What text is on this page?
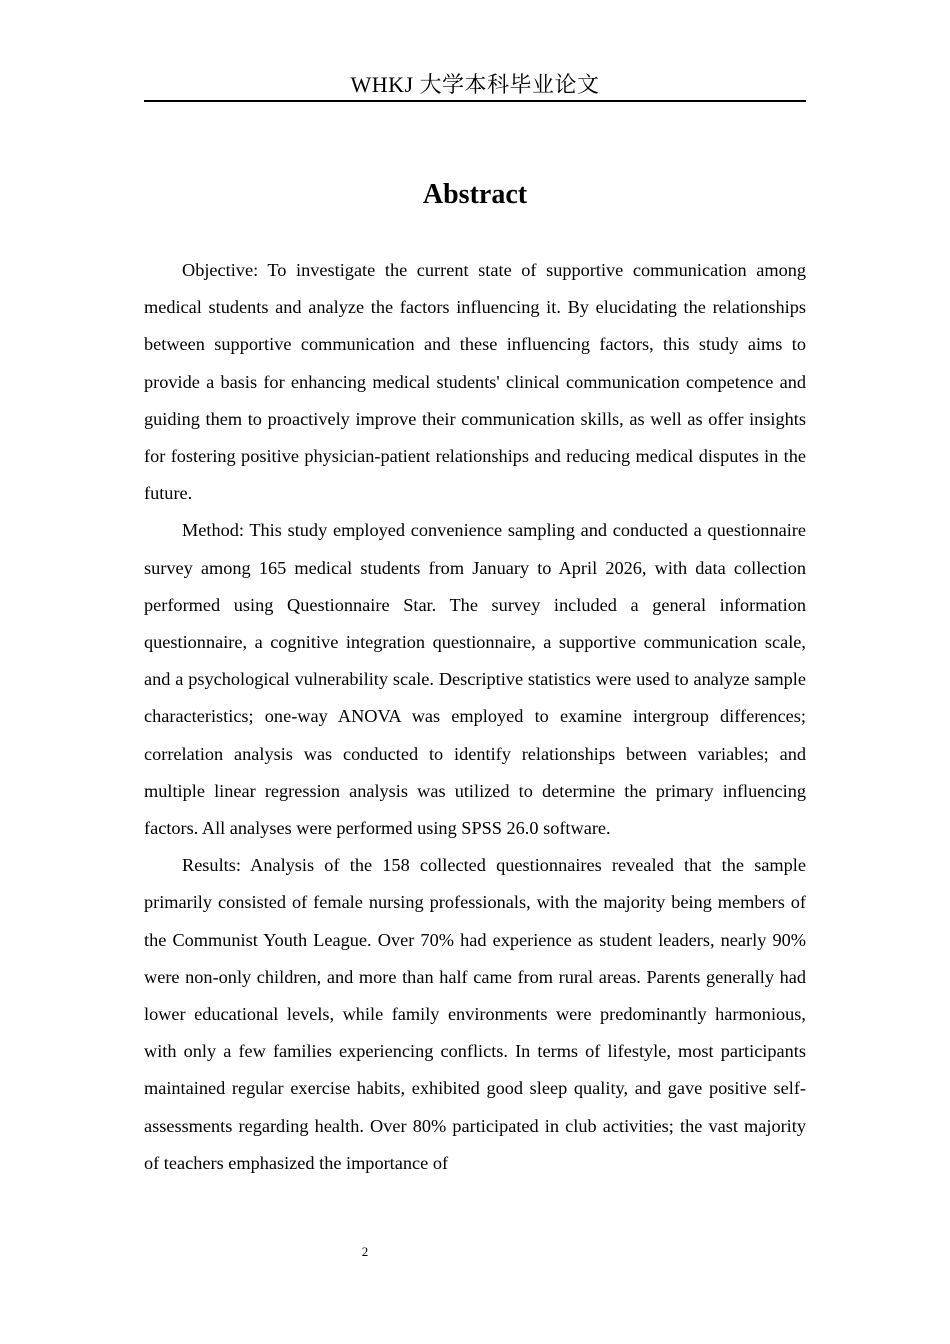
WHKJ 大学本科毕业论文
Abstract

Objective: To investigate the current state of supportive communication among medical students and analyze the factors influencing it. By elucidating the relationships between supportive communication and these influencing factors, this study aims to provide a basis for enhancing medical students' clinical communication competence and guiding them to proactively improve their communication skills, as well as offer insights for fostering positive physician-patient relationships and reducing medical disputes in the future.

Method: This study employed convenience sampling and conducted a questionnaire survey among 165 medical students from January to April 2026, with data collection performed using Questionnaire Star. The survey included a general information questionnaire, a cognitive integration questionnaire, a supportive communication scale, and a psychological vulnerability scale. Descriptive statistics were used to analyze sample characteristics; one-way ANOVA was employed to examine intergroup differences; correlation analysis was conducted to identify relationships between variables; and multiple linear regression analysis was utilized to determine the primary influencing factors. All analyses were performed using SPSS 26.0 software.

Results: Analysis of the 158 collected questionnaires revealed that the sample primarily consisted of female nursing professionals, with the majority being members of the Communist Youth League. Over 70% had experience as student leaders, nearly 90% were non-only children, and more than half came from rural areas. Parents generally had lower educational levels, while family environments were predominantly harmonious, with only a few families experiencing conflicts. In terms of lifestyle, most participants maintained regular exercise habits, exhibited good sleep quality, and gave positive self-assessments regarding health. Over 80% participated in club activities; the vast majority of teachers emphasized the importance of

2
